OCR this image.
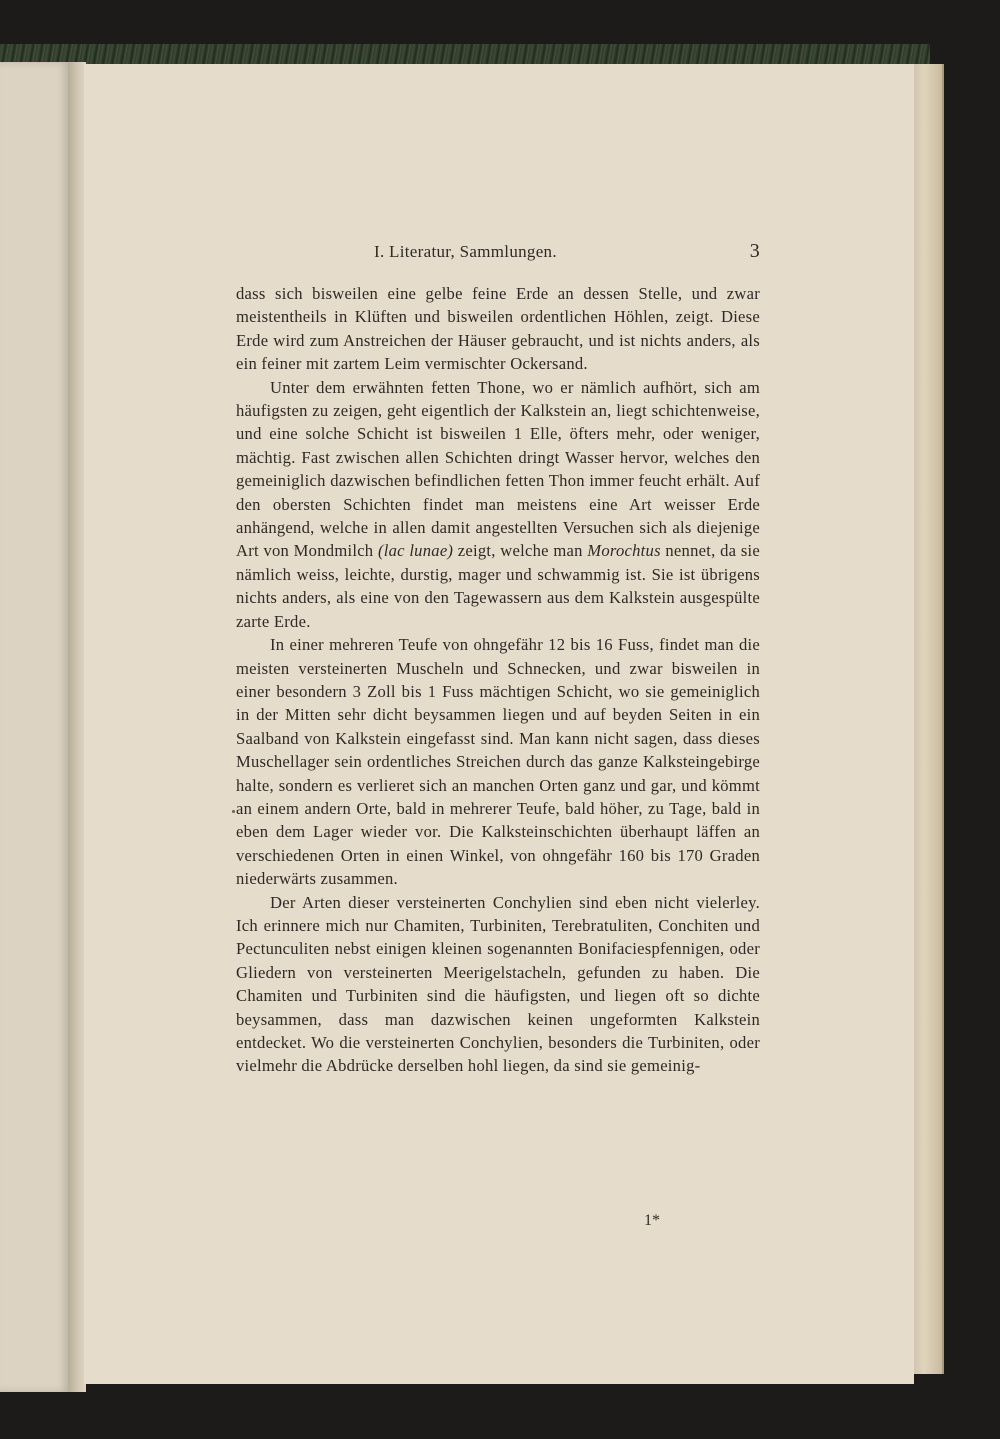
I. Literatur, Sammlungen.	3

dass sich bisweilen eine gelbe feine Erde an dessen Stelle, und zwar meistentheils in Klüften und bisweilen ordentlichen Höhlen, zeigt. Diese Erde wird zum Anstreichen der Häuser gebraucht, und ist nichts anders, als ein feiner mit zartem Leim vermischter Ockersand.

Unter dem erwähnten fetten Thone, wo er nämlich aufhört, sich am häufigsten zu zeigen, geht eigentlich der Kalkstein an, liegt schichtenweise, und eine solche Schicht ist bisweilen 1 Elle, öfters mehr, oder weniger, mächtig. Fast zwischen allen Schichten dringt Wasser hervor, welches den gemeiniglich dazwischen befindlichen fetten Thon immer feucht erhält. Auf den obersten Schichten findet man meistens eine Art weisser Erde anhängend, welche in allen damit angestellten Versuchen sich als diejenige Art von Mondmilch (lac lunae) zeigt, welche man Morochtus nennet, da sie nämlich weiss, leichte, durstig, mager und schwammig ist. Sie ist übrigens nichts anders, als eine von den Tagewassern aus dem Kalkstein ausgespülte zarte Erde.

In einer mehreren Teufe von ohngefähr 12 bis 16 Fuss, findet man die meisten versteinerten Muscheln und Schnecken, und zwar bisweilen in einer besondern 3 Zoll bis 1 Fuss mächtigen Schicht, wo sie gemeiniglich in der Mitten sehr dicht beysammen liegen und auf beyden Seiten in ein Saalband von Kalkstein eingefasst sind. Man kann nicht sagen, dass dieses Muschellager sein ordentliches Streichen durch das ganze Kalksteingebirge halte, sondern es verlieret sich an manchen Orten ganz und gar, und kömmt an einem andern Orte, bald in mehrerer Teufe, bald höher, zu Tage, bald in eben dem Lager wieder vor. Die Kalksteinschichten überhaupt läffen an verschiedenen Orten in einen Winkel, von ohngefähr 160 bis 170 Graden niederwärts zusammen.

Der Arten dieser versteinerten Conchylien sind eben nicht vielerley. Ich erinnere mich nur Chamiten, Turbiniten, Terebratuliten, Conchiten und Pectunculiten nebst einigen kleinen sogenannten Bonifaciespfennigen, oder Gliedern von versteinerten Meerigelstacheln, gefunden zu haben. Die Chamiten und Turbiniten sind die häufigsten, und liegen oft so dichte beysammen, dass man dazwischen keinen ungeformten Kalkstein entdecket. Wo die versteinerten Conchylien, besonders die Turbiniten, oder vielmehr die Abdrücke derselben hohl liegen, da sind sie gemeinig-

1*
